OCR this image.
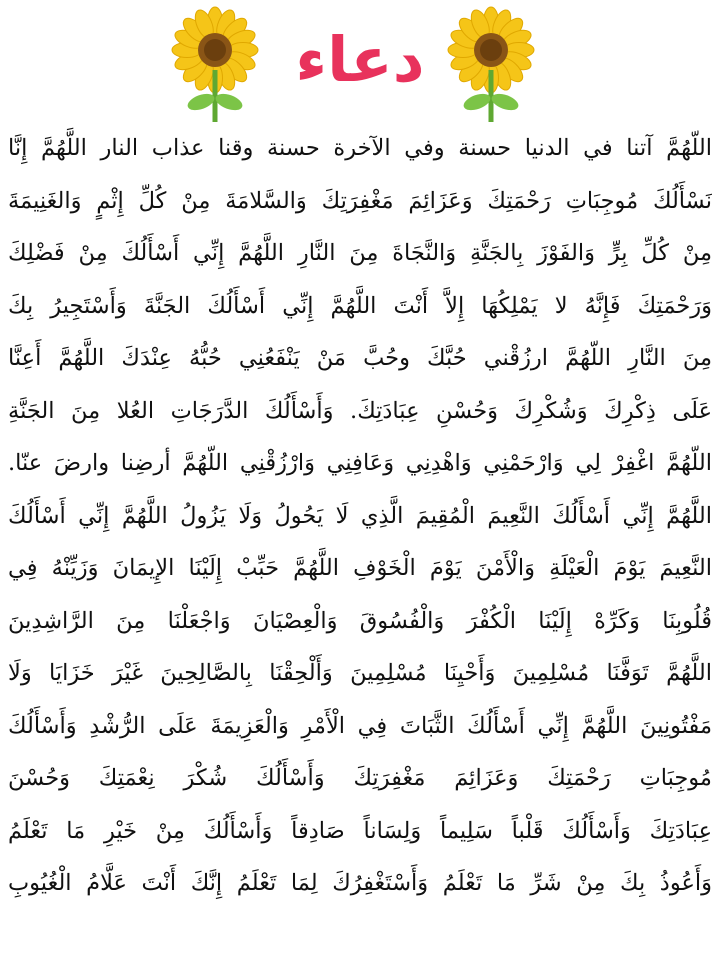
دعاء
اللّهُمَّ آتنا في الدنيا حسنة وفي الآخرة حسنة وقنا عذاب النار اللَّهُمَّ إِنَّا
نَسْأَلُكَ مُوجِبَاتِ رَحْمَتِكَ وَعَزَائِمَ مَغْفِرَتِكَ وَالسَّلامَةَ مِنْ كُلِّ إِثْمٍ وَالغَنِيمَةَ
مِنْ كُلِّ بِرٍّ وَالفَوْزَ بِالجَنَّةِ وَالنَّجَاةَ مِنَ النَّارِ اللَّهُمَّ إِنِّي أَسْأَلُكَ مِنْ فَضْلِكَ
وَرَحْمَتِكَ فَإِنَّهُ لا يَمْلِكُهَا إِلاَّ أَنْتَ اللَّهُمَّ إِنِّي أَسْأَلُكَ الجَنَّةَ وَأَسْتَجِيرُ بِكَ
مِنَ النَّارِ اللّهُمَّ ارزُقْني حُبَّكَ وحُبَّ مَنْ يَنْفَعُنِي حُبُّهُ عِنْدَكَ اللَّهُمَّ أَعِنَّا
عَلَى ذِكْرِكَ وَشُكْرِكَ وَحُسْنِ عِبَادَتِكَ. وَأَسْأَلُكَ الدَّرَجَاتِ العُلا مِنَ الجَنَّةِ
اللّهُمَّ اغْفِرْ لِي وَارْحَمْنِي وَاهْدِنِي وَعَافِنِي وَارْزُقْنِي اللّهُمَّ أرضِنا وارضَ عنّا.
اللَّهُمَّ إِنِّي أَسْأَلُكَ النَّعِيمَ الْمُقِيمَ الَّذِي لَا يَحُولُ وَلَا يَزُولُ اللَّهُمَّ إِنِّي أَسْأَلُكَ
النَّعِيمَ يَوْمَ الْعَيْلَةِ وَالْأَمْنَ يَوْمَ الْخَوْفِ اللَّهُمَّ حَبِّبْ إِلَيْنَا الإِيمَانَ وَزَيِّنْهُ فِي
قُلُوبِنَا وَكَرِّهْ إِلَيْنَا الْكُفْرَ وَالْفُسُوقَ وَالْعِصْيَانَ وَاجْعَلْنَا مِنَ الرَّاشِدِينَ
اللَّهُمَّ تَوَفَّنَا مُسْلِمِينَ وَأَحْيِنَا مُسْلِمِينَ وَأَلْحِقْنَا بِالصَّالِحِينَ غَيْرَ خَزَايَا وَلَا
مَفْتُونِينَ اللَّهُمَّ إِنِّي أَسْأَلُكَ الثَّبَاتَ فِي الْأَمْرِ وَالْعَزِيمَةَ عَلَى الرُّشْدِ وَأَسْأَلُكَ
مُوجِبَاتِ رَحْمَتِكَ وَعَزَائِمَ مَغْفِرَتِكَ وَأَسْأَلُكَ شُكْرَ نِعْمَتِكَ وَحُسْنَ
عِبَادَتِكَ وَأَسْأَلُكَ قَلْباً سَلِيماً وَلِسَاناً صَادِقاً وَأَسْأَلُكَ مِنْ خَيْرِ مَا تَعْلَمُ
وَأَعُوذُ بِكَ مِنْ شَرِّ مَا تَعْلَمُ وَأَسْتَغْفِرُكَ لِمَا تَعْلَمُ إِنَّكَ أَنْتَ عَلَّامُ الْغُيُوبِ
